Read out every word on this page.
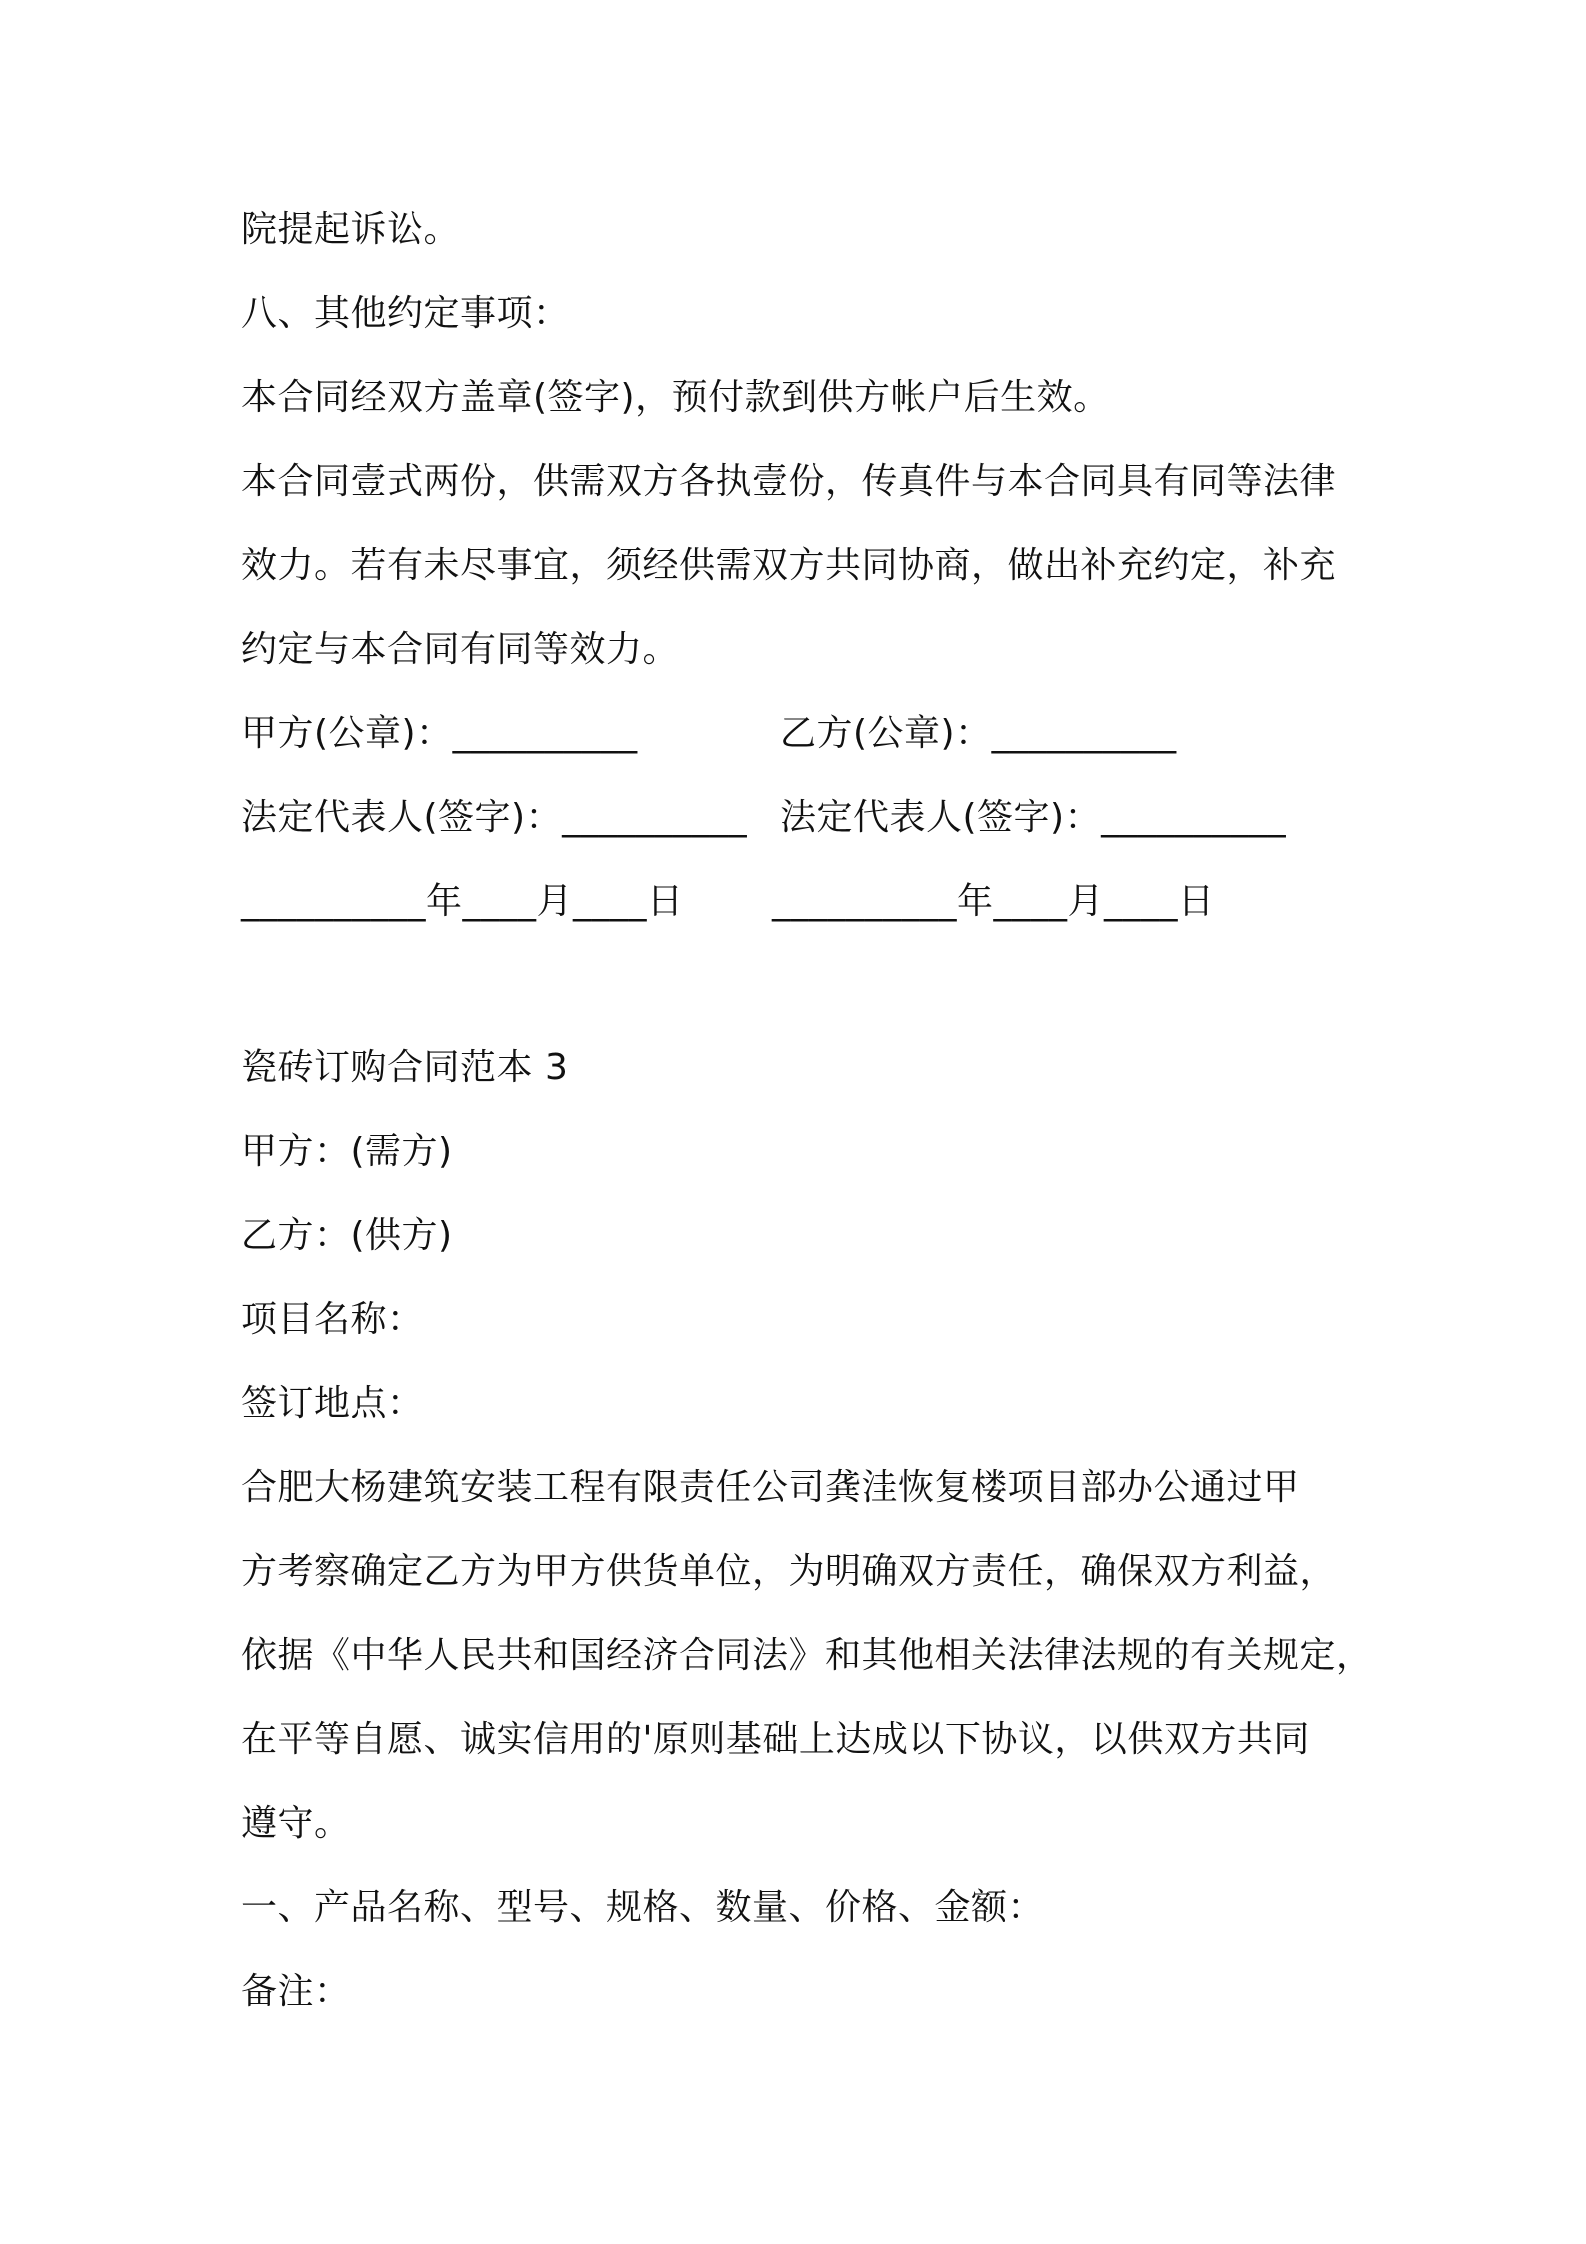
院提起诉讼。
八、其他约定事项：
本合同经双方盖章(签字)，预付款到供方帐户后生效。
本合同壹式两份，供需双方各执壹份，传真件与本合同具有同等法律
效力。若有未尽事宜，须经供需双方共同协商，做出补充约定，补充
约定与本合同有同等效力。
甲方(公章)：__________	乙方(公章)：__________
法定代表人(签字)：__________ 法定代表人(签字)：__________
__________年____月____日 __________年____月____日
瓷砖订购合同范本 3
甲方：(需方)
乙方：(供方)
项目名称：
签订地点：
合肥大杨建筑安装工程有限责任公司龚洼恢复楼项目部办公通过甲
方考察确定乙方为甲方供货单位，为明确双方责任，确保双方利益，
依据《中华人民共和国经济合同法》和其他相关法律法规的有关规定，
在平等自愿、诚实信用的'原则基础上达成以下协议，以供双方共同
遵守。
一、产品名称、型号、规格、数量、价格、金额：
备注：
